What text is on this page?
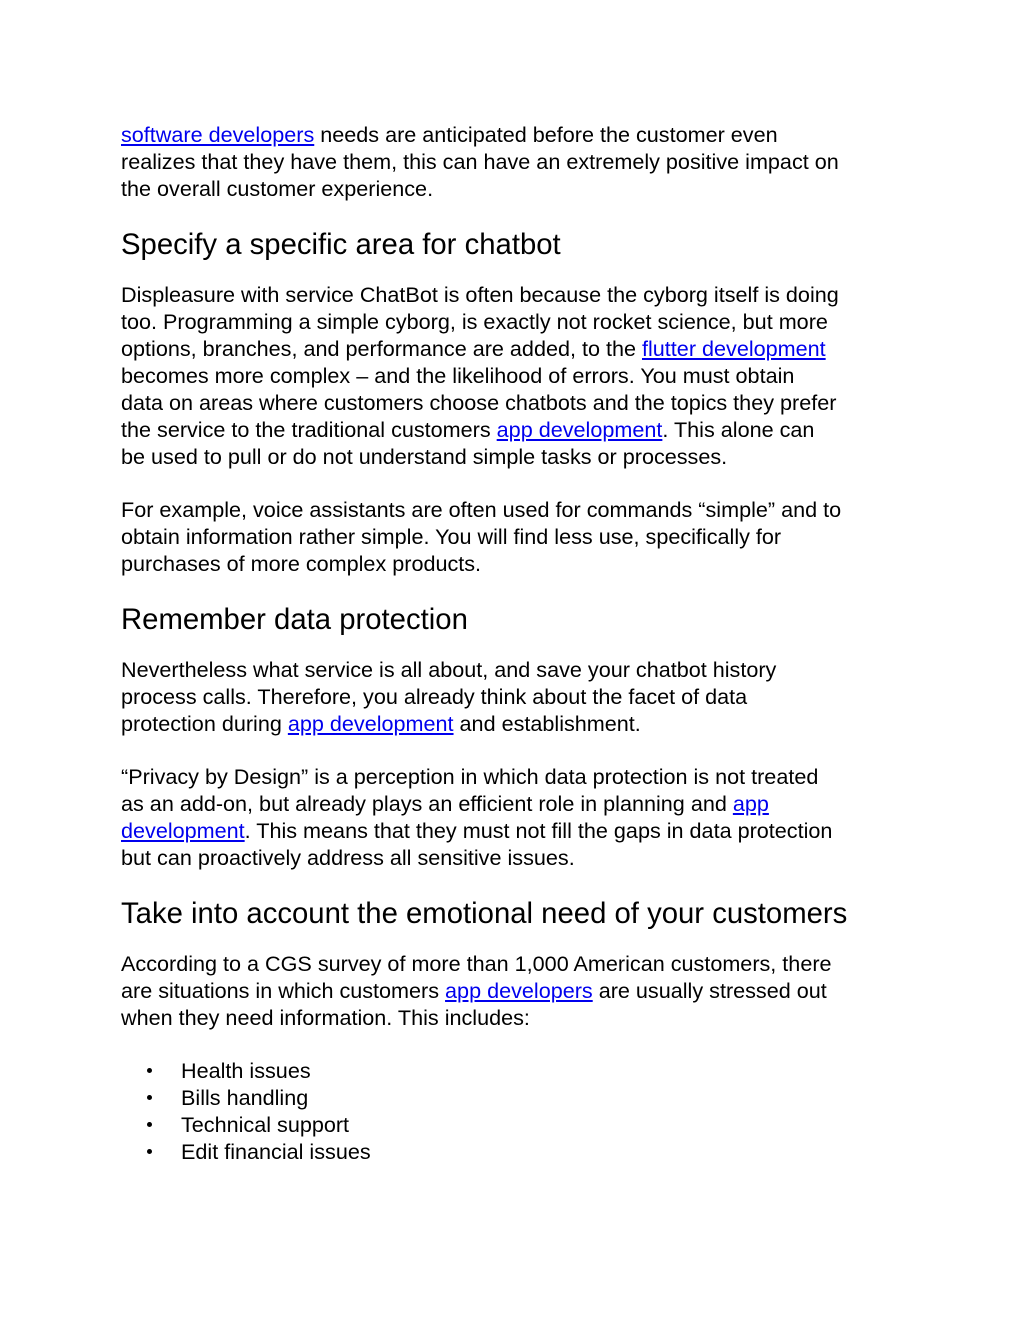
software developers needs are anticipated before the customer even

realizes that they have them, this can have an extremely positive impact on

the overall customer experience.

Specify a specific area for chatbot

Displeasure with service ChatBot is often because the cyborg itself is doing

too. Programming a simple cyborg, is exactly not rocket science, but more

options, branches, and performance are added, to the flutter development

becomes more complex – and the likelihood of errors. You must obtain

data on areas where customers choose chatbots and the topics they prefer

the service to the traditional customers app development. This alone can

be used to pull or do not understand simple tasks or processes.

For example, voice assistants are often used for commands “simple” and to

obtain information rather simple. You will find less use, specifically for

purchases of more complex products.

Remember data protection

Nevertheless what service is all about, and save your chatbot history

process calls. Therefore, you already think about the facet of data

protection during app development and establishment.

“Privacy by Design” is a perception in which data protection is not treated

as an add-on, but already plays an efficient role in planning and app

development. This means that they must not fill the gaps in data protection

but can proactively address all sensitive issues.

Take into account the emotional need of your customers

According to a CGS survey of more than 1,000 American customers, there

are situations in which customers app developers are usually stressed out

when they need information. This includes:

Health issues
Bills handling
Technical support
Edit financial issues
